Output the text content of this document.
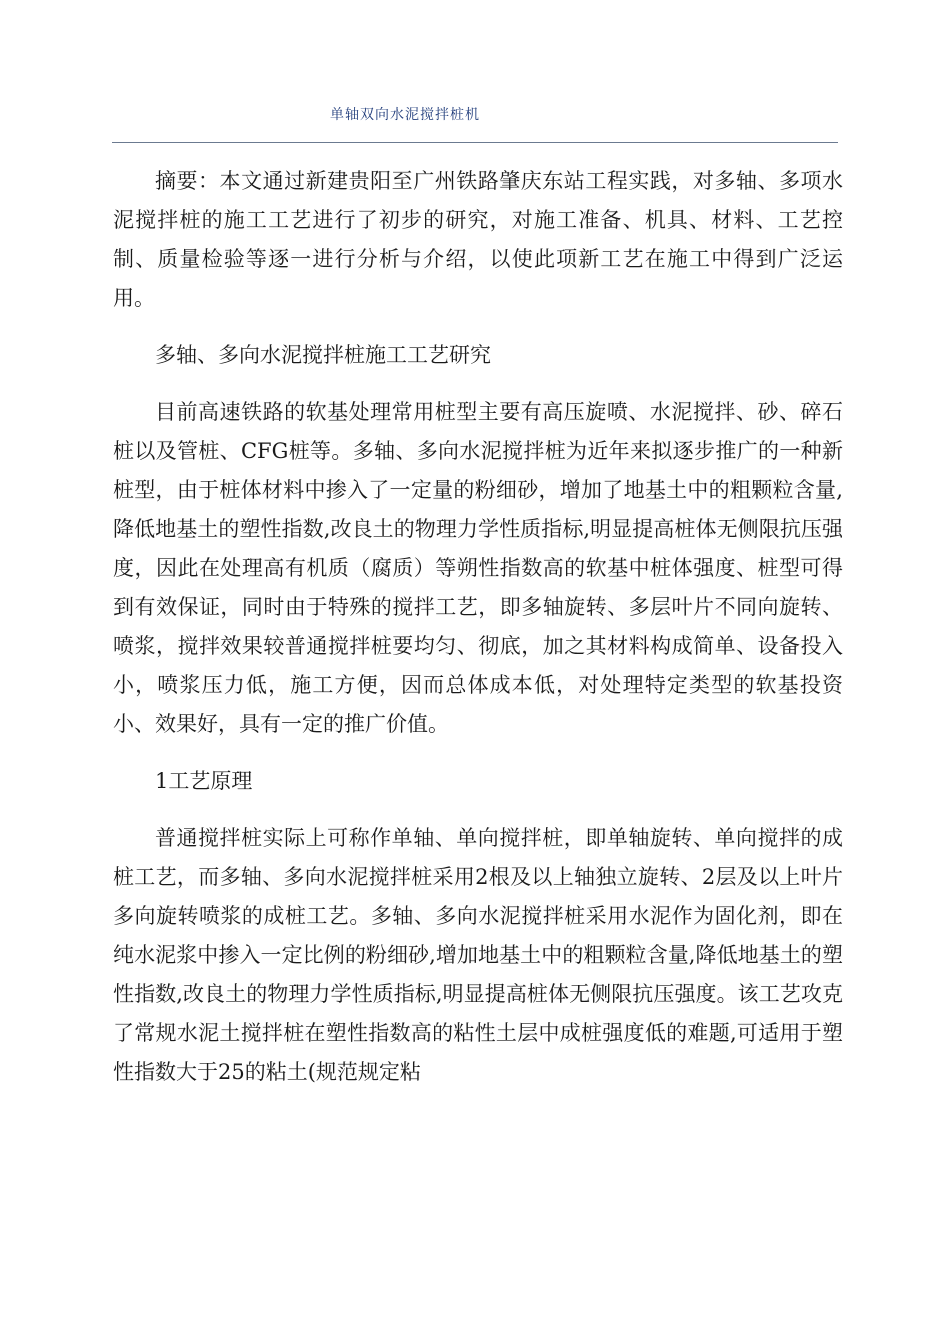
单轴双向水泥搅拌桩机

摘要：本文通过新建贵阳至广州铁路肇庆东站工程实践，对多轴、多项水泥搅拌桩的施工工艺进行了初步的研究，对施工准备、机具、材料、工艺控制、质量检验等逐一进行分析与介绍，以使此项新工艺在施工中得到广泛运用。

多轴、多向水泥搅拌桩施工工艺研究

目前高速铁路的软基处理常用桩型主要有高压旋喷、水泥搅拌、砂、碎石桩以及管桩、CFG桩等。多轴、多向水泥搅拌桩为近年来拟逐步推广的一种新桩型，由于桩体材料中掺入了一定量的粉细砂，增加了地基土中的粗颗粒含量,降低地基土的塑性指数,改良土的物理力学性质指标,明显提高桩体无侧限抗压强度，因此在处理高有机质（腐质）等朔性指数高的软基中桩体强度、桩型可得到有效保证，同时由于特殊的搅拌工艺，即多轴旋转、多层叶片不同向旋转、喷浆，搅拌效果较普通搅拌桩要均匀、彻底，加之其材料构成简单、设备投入小，喷浆压力低，施工方便，因而总体成本低，对处理特定类型的软基投资小、效果好，具有一定的推广价值。

1工艺原理

普通搅拌桩实际上可称作单轴、单向搅拌桩，即单轴旋转、单向搅拌的成桩工艺，而多轴、多向水泥搅拌桩采用2根及以上轴独立旋转、2层及以上叶片多向旋转喷浆的成桩工艺。多轴、多向水泥搅拌桩采用水泥作为固化剂，即在纯水泥浆中掺入一定比例的粉细砂,增加地基土中的粗颗粒含量,降低地基土的塑性指数,改良土的物理力学性质指标,明显提高桩体无侧限抗压强度。该工艺攻克了常规水泥土搅拌桩在塑性指数高的粘性土层中成桩强度低的难题,可适用于塑性指数大于25的粘土(规范规定粘
